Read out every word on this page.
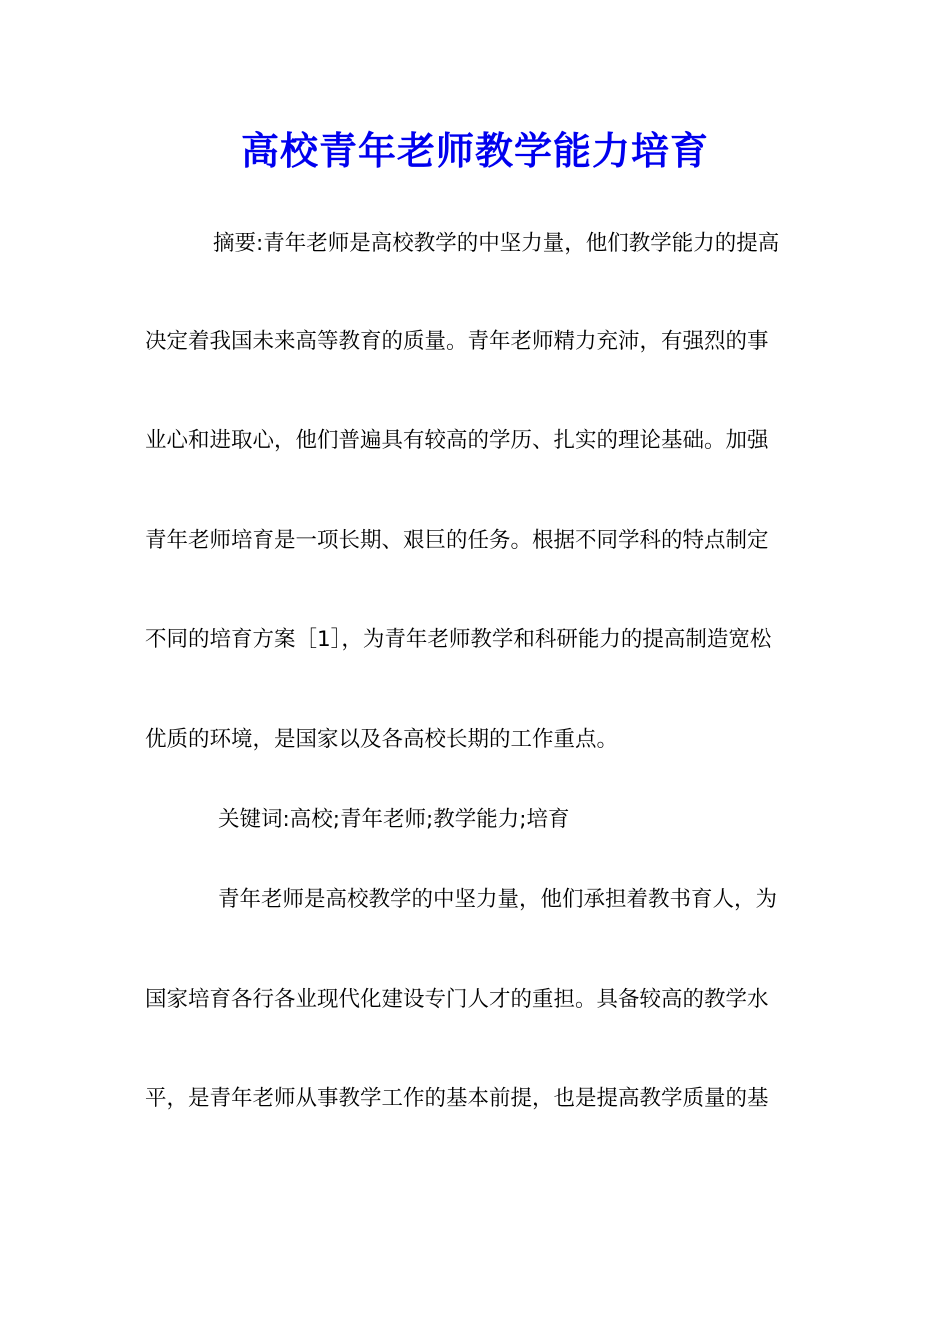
高校青年老师教学能力培育
摘要:青年老师是高校教学的中坚力量，他们教学能力的提高
决定着我国未来高等教育的质量。青年老师精力充沛，有强烈的事
业心和进取心，他们普遍具有较高的学历、扎实的理论基础。加强
青年老师培育是一项长期、艰巨的任务。根据不同学科的特点制定
不同的培育方案［1］，为青年老师教学和科研能力的提高制造宽松
优质的环境，是国家以及各高校长期的工作重点。
关键词:高校;青年老师;教学能力;培育
青年老师是高校教学的中坚力量，他们承担着教书育人，为
国家培育各行各业现代化建设专门人才的重担。具备较高的教学水
平，是青年老师从事教学工作的基本前提，也是提高教学质量的基
